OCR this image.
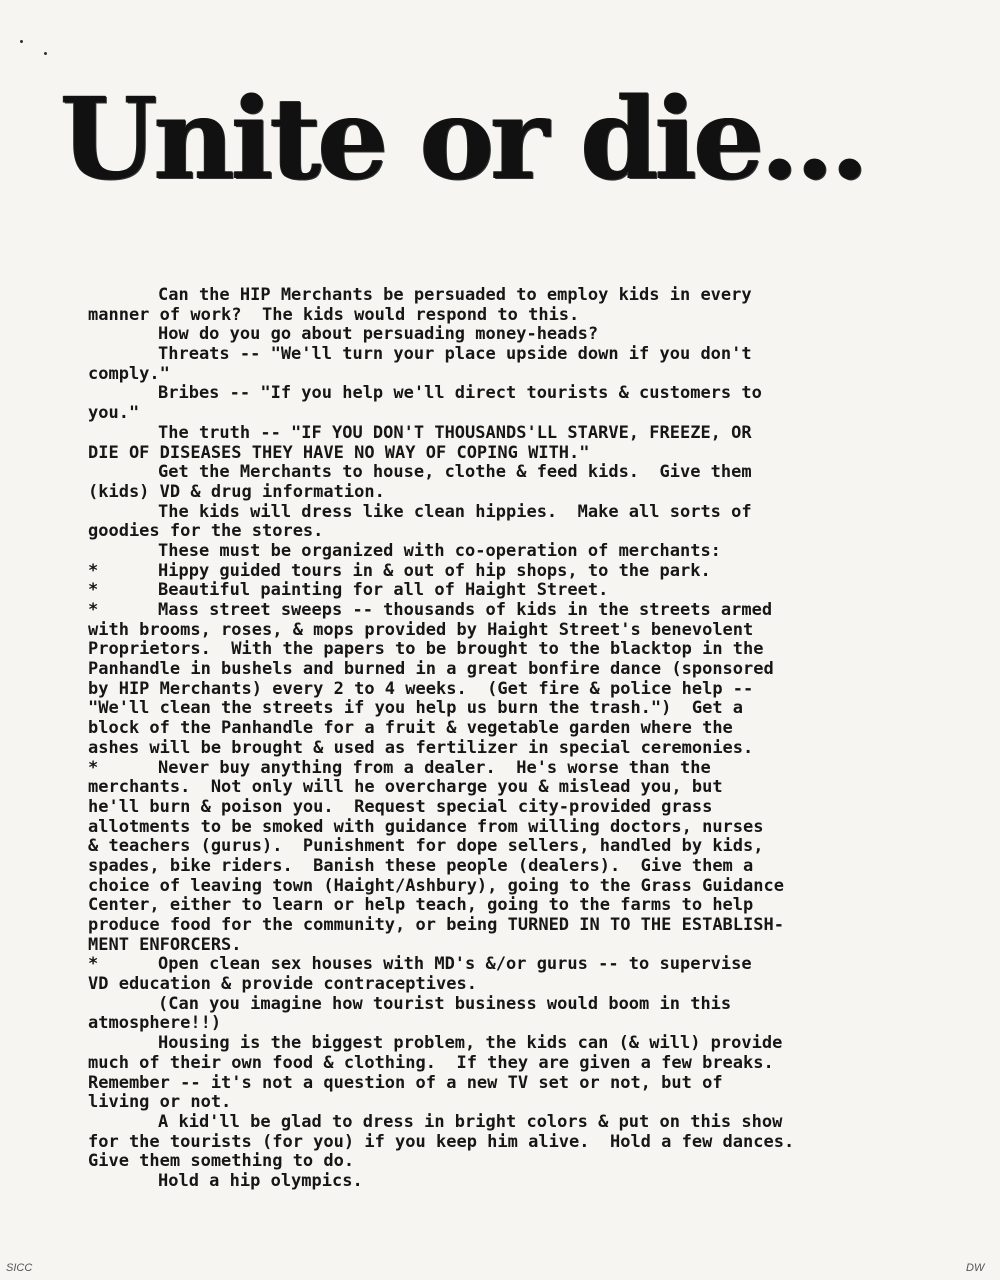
Unite or die...
Can the HIP Merchants be persuaded to employ kids in every
manner of work?  The kids would respond to this.
How do you go about persuading money-heads?
Threats -- "We'll turn your place upside down if you don't
comply."
Bribes -- "If you help we'll direct tourists & customers to
you."
The truth -- "IF YOU DON'T THOUSANDS'LL STARVE, FREEZE, OR
DIE OF DISEASES THEY HAVE NO WAY OF COPING WITH."
Get the Merchants to house, clothe & feed kids.  Give them
(kids) VD & drug information.
The kids will dress like clean hippies.  Make all sorts of
goodies for the stores.
These must be organized with co-operation of merchants:
*	Hippy guided tours in & out of hip shops, to the park.
*	Beautiful painting for all of Haight Street.
*	Mass street sweeps -- thousands of kids in the streets armed
with brooms, roses, & mops provided by Haight Street's benevolent
Proprietors.  With the papers to be brought to the blacktop in the
Panhandle in bushels and burned in a great bonfire dance (sponsored
by HIP Merchants) every 2 to 4 weeks.  (Get fire & police help --
"We'll clean the streets if you help us burn the trash.")  Get a
block of the Panhandle for a fruit & vegetable garden where the
ashes will be brought & used as fertilizer in special ceremonies.
*	Never buy anything from a dealer.  He's worse than the
merchants.  Not only will he overcharge you & mislead you, but
he'll burn & poison you.  Request special city-provided grass
allotments to be smoked with guidance from willing doctors, nurses
& teachers (gurus).  Punishment for dope sellers, handled by kids,
spades, bike riders.  Banish these people (dealers).  Give them a
choice of leaving town (Haight/Ashbury), going to the Grass Guidance
Center, either to learn or help teach, going to the farms to help
produce food for the community, or being TURNED IN TO THE ESTABLISH-
MENT ENFORCERS.
*	Open clean sex houses with MD's &/or gurus -- to supervise
VD education & provide contraceptives.
(Can you imagine how tourist business would boom in this
atmosphere!!)
Housing is the biggest problem, the kids can (& will) provide
much of their own food & clothing.  If they are given a few breaks.
Remember -- it's not a question of a new TV set or not, but of
living or not.
A kid'll be glad to dress in bright colors & put on this show
for the tourists (for you) if you keep him alive.  Hold a few dances.
Give them something to do.
Hold a hip olympics.
SICC	DW
